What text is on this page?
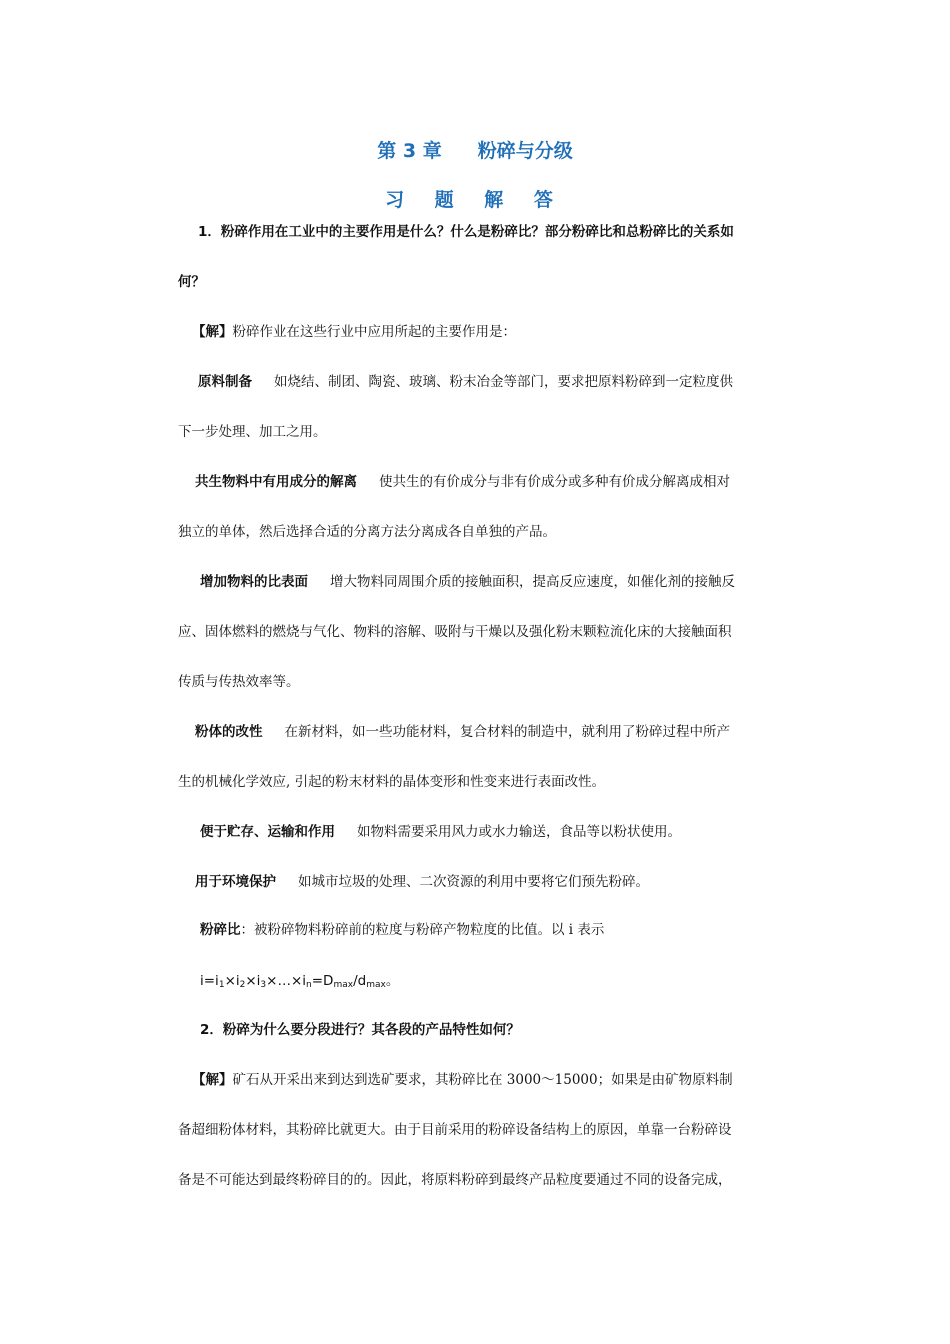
第 3 章 粉碎与分级
习 题 解 答
1．粉碎作用在工业中的主要作用是什么？什么是粉碎比？部分粉碎比和总粉碎比的关系如
何？
【解】粉碎作业在这些行业中应用所起的主要作用是：
原料制备 如烧结、制团、陶瓷、玻璃、粉末冶金等部门，要求把原料粉碎到一定粒度供
下一步处理、加工之用。
共生物料中有用成分的解离 使共生的有价成分与非有价成分或多种有价成分解离成相对
独立的单体，然后选择合适的分离方法分离成各自单独的产品。
增加物料的比表面 增大物料同周围介质的接触面积，提高反应速度，如催化剂的接触反
应、固体燃料的燃烧与气化、物料的溶解、吸附与干燥以及强化粉末颗粒流化床的大接触面积
传质与传热效率等。
粉体的改性 在新材料，如一些功能材料，复合材料的制造中，就利用了粉碎过程中所产
生的机械化学效应, 引起的粉末材料的晶体变形和性变来进行表面改性。
便于贮存、运输和作用 如物料需要采用风力或水力输送，食品等以粉状使用。
用于环境保护 如城市垃圾的处理、二次资源的利用中要将它们预先粉碎。
粉碎比：被粉碎物料粉碎前的粒度与粉碎产物粒度的比值。以 i 表示
$i=i_1\times i_2\times i_3\times\dots\times i_n=D_{max}/d_{max}$。
2．粉碎为什么要分段进行？其各段的产品特性如何？
【解】矿石从开采出来到达到选矿要求，其粉碎比在 3000～15000；如果是由矿物原料制
备超细粉体材料，其粉碎比就更大。由于目前采用的粉碎设备结构上的原因，单靠一台粉碎设
备是不可能达到最终粉碎目的的。因此，将原料粉碎到最终产品粒度要通过不同的设备完成，
